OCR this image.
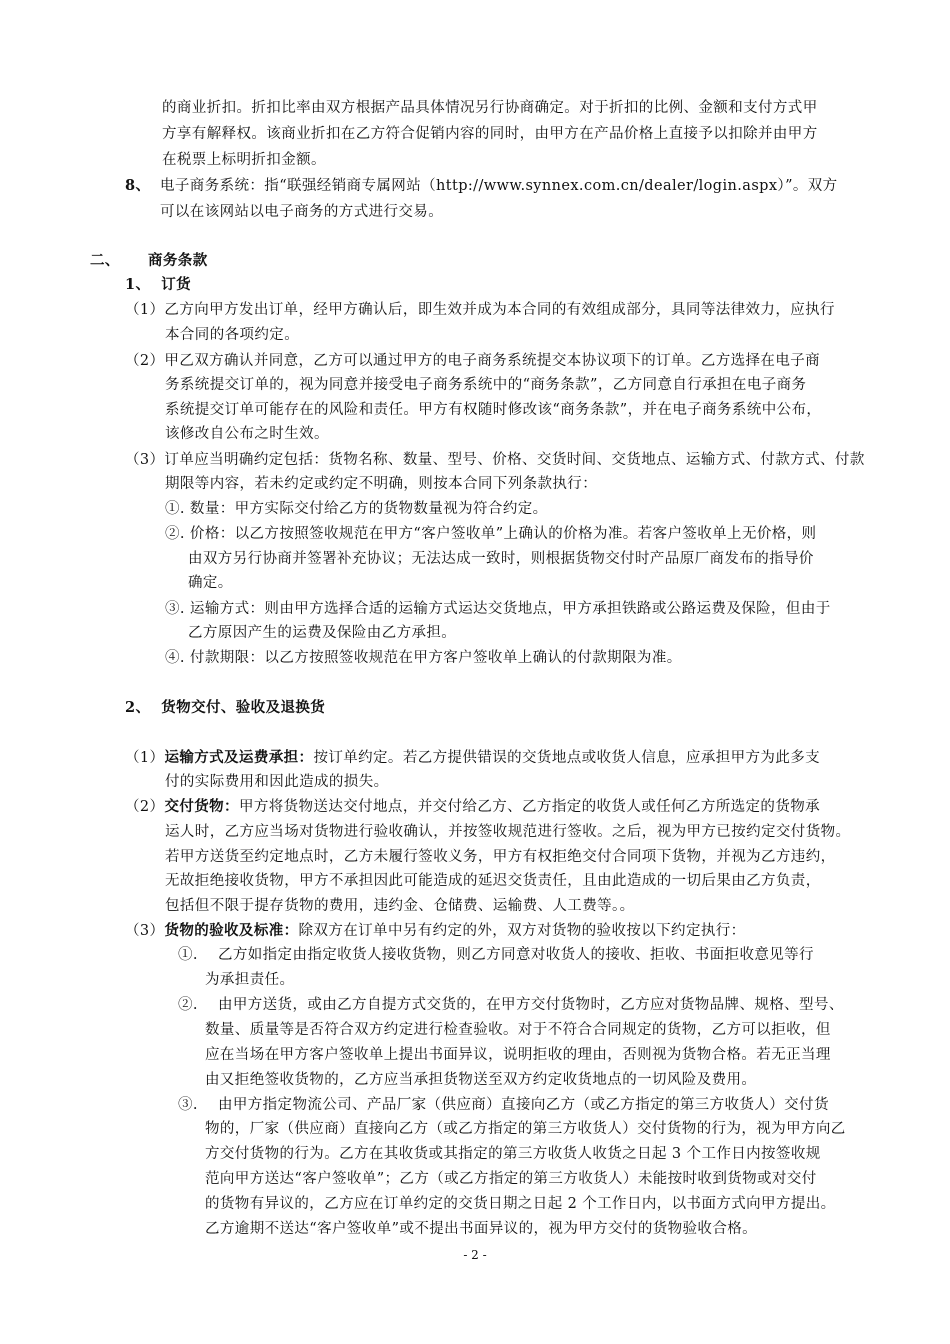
的商业折扣。折扣比率由双方根据产品具体情况另行协商确定。对于折扣的比例、金额和支付方式甲
方享有解释权。该商业折扣在乙方符合促销内容的同时，由甲方在产品价格上直接予以扣除并由甲方
在税票上标明折扣金额。
8、 电子商务系统：指“联强经销商专属网站（http://www.synnex.com.cn/dealer/login.aspx）”。双方
可以在该网站以电子商务的方式进行交易。
二、 商务条款
1、  订货
（1）乙方向甲方发出订单，经甲方确认后，即生效并成为本合同的有效组成部分，具同等法律效力，应执行
本合同的各项约定。
（2）甲乙双方确认并同意，乙方可以通过甲方的电子商务系统提交本协议项下的订单。乙方选择在电子商
务系统提交订单的，视为同意并接受电子商务系统中的“商务条款”，乙方同意自行承担在电子商务
系统提交订单可能存在的风险和责任。甲方有权随时修改该“商务条款”，并在电子商务系统中公布，
该修改自公布之时生效。
（3）订单应当明确约定包括：货物名称、数量、型号、价格、交货时间、交货地点、运输方式、付款方式、付款
期限等内容，若未约定或约定不明确，则按本合同下列条款执行：
①. 数量：甲方实际交付给乙方的货物数量视为符合约定。
②. 价格：以乙方按照签收规范在甲方“客户签收单”上确认的价格为准。若客户签收单上无价格，则
由双方另行协商并签署补充协议；无法达成一致时，则根据货物交付时产品原厂商发布的指导价
确定。
③. 运输方式：则由甲方选择合适的运输方式运达交货地点，甲方承担铁路或公路运费及保险，但由于
乙方原因产生的运费及保险由乙方承担。
④. 付款期限：以乙方按照签收规范在甲方客户签收单上确认的付款期限为准。
2、  货物交付、验收及退换货
（1）运输方式及运费承担：按订单约定。若乙方提供错误的交货地点或收货人信息，应承担甲方为此多支
付的实际费用和因此造成的损失。
（2）交付货物：甲方将货物送达交付地点，并交付给乙方、乙方指定的收货人或任何乙方所选定的货物承
运人时，乙方应当场对货物进行验收确认，并按签收规范进行签收。之后，视为甲方已按约定交付货物。
若甲方送货至约定地点时，乙方未履行签收义务，甲方有权拒绝交付合同项下货物，并视为乙方违约，
无故拒绝接收货物，甲方不承担因此可能造成的延迟交货责任，且由此造成的一切后果由乙方负责，
包括但不限于提存货物的费用，违约金、仓储费、运输费、人工费等。。
（3）货物的验收及标准：除双方在订单中另有约定的外，双方对货物的验收按以下约定执行：
①.    乙方如指定由指定收货人接收货物，则乙方同意对收货人的接收、拒收、书面拒收意见等行
为承担责任。
②.    由甲方送货，或由乙方自提方式交货的，在甲方交付货物时，乙方应对货物品牌、规格、型号、
数量、质量等是否符合双方约定进行检查验收。对于不符合合同规定的货物，乙方可以拒收，但
应在当场在甲方客户签收单上提出书面异议，说明拒收的理由，否则视为货物合格。若无正当理
由又拒绝签收货物的，乙方应当承担货物送至双方约定收货地点的一切风险及费用。
③.    由甲方指定物流公司、产品厂家（供应商）直接向乙方（或乙方指定的第三方收货人）交付货
物的，厂家（供应商）直接向乙方（或乙方指定的第三方收货人）交付货物的行为，视为甲方向乙
方交付货物的行为。乙方在其收货或其指定的第三方收货人收货之日起 3 个工作日内按签收规
范向甲方送达“客户签收单”；乙方（或乙方指定的第三方收货人）未能按时收到货物或对交付
的货物有异议的，乙方应在订单约定的交货日期之日起 2 个工作日内，以书面方式向甲方提出。
乙方逾期不送达“客户签收单”或不提出书面异议的，视为甲方交付的货物验收合格。
- 2 -
